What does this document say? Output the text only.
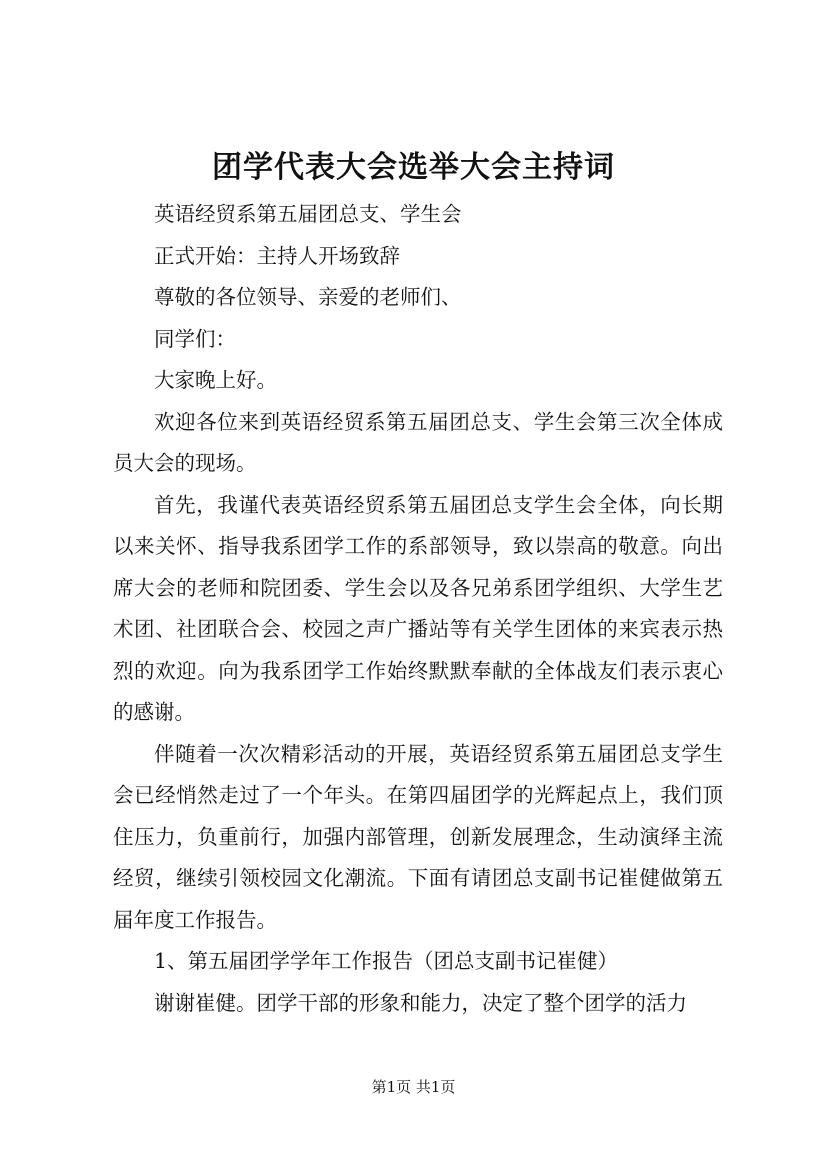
团学代表大会选举大会主持词

英语经贸系第五届团总支、学生会

正式开始：主持人开场致辞

尊敬的各位领导、亲爱的老师们、

同学们：

大家晚上好。

欢迎各位来到英语经贸系第五届团总支、学生会第三次全体成员大会的现场。

首先，我谨代表英语经贸系第五届团总支学生会全体，向长期以来关怀、指导我系团学工作的系部领导，致以崇高的敬意。向出席大会的老师和院团委、学生会以及各兄弟系团学组织、大学生艺术团、社团联合会、校园之声广播站等有关学生团体的来宾表示热烈的欢迎。向为我系团学工作始终默默奉献的全体战友们表示衷心的感谢。

伴随着一次次精彩活动的开展，英语经贸系第五届团总支学生会已经悄然走过了一个年头。在第四届团学的光辉起点上，我们顶住压力，负重前行，加强内部管理，创新发展理念，生动演绎主流经贸，继续引领校园文化潮流。下面有请团总支副书记崔健做第五届年度工作报告。

1、第五届团学学年工作报告（团总支副书记崔健）

谢谢崔健。团学干部的形象和能力，决定了整个团学的活力

第1页 共1页
